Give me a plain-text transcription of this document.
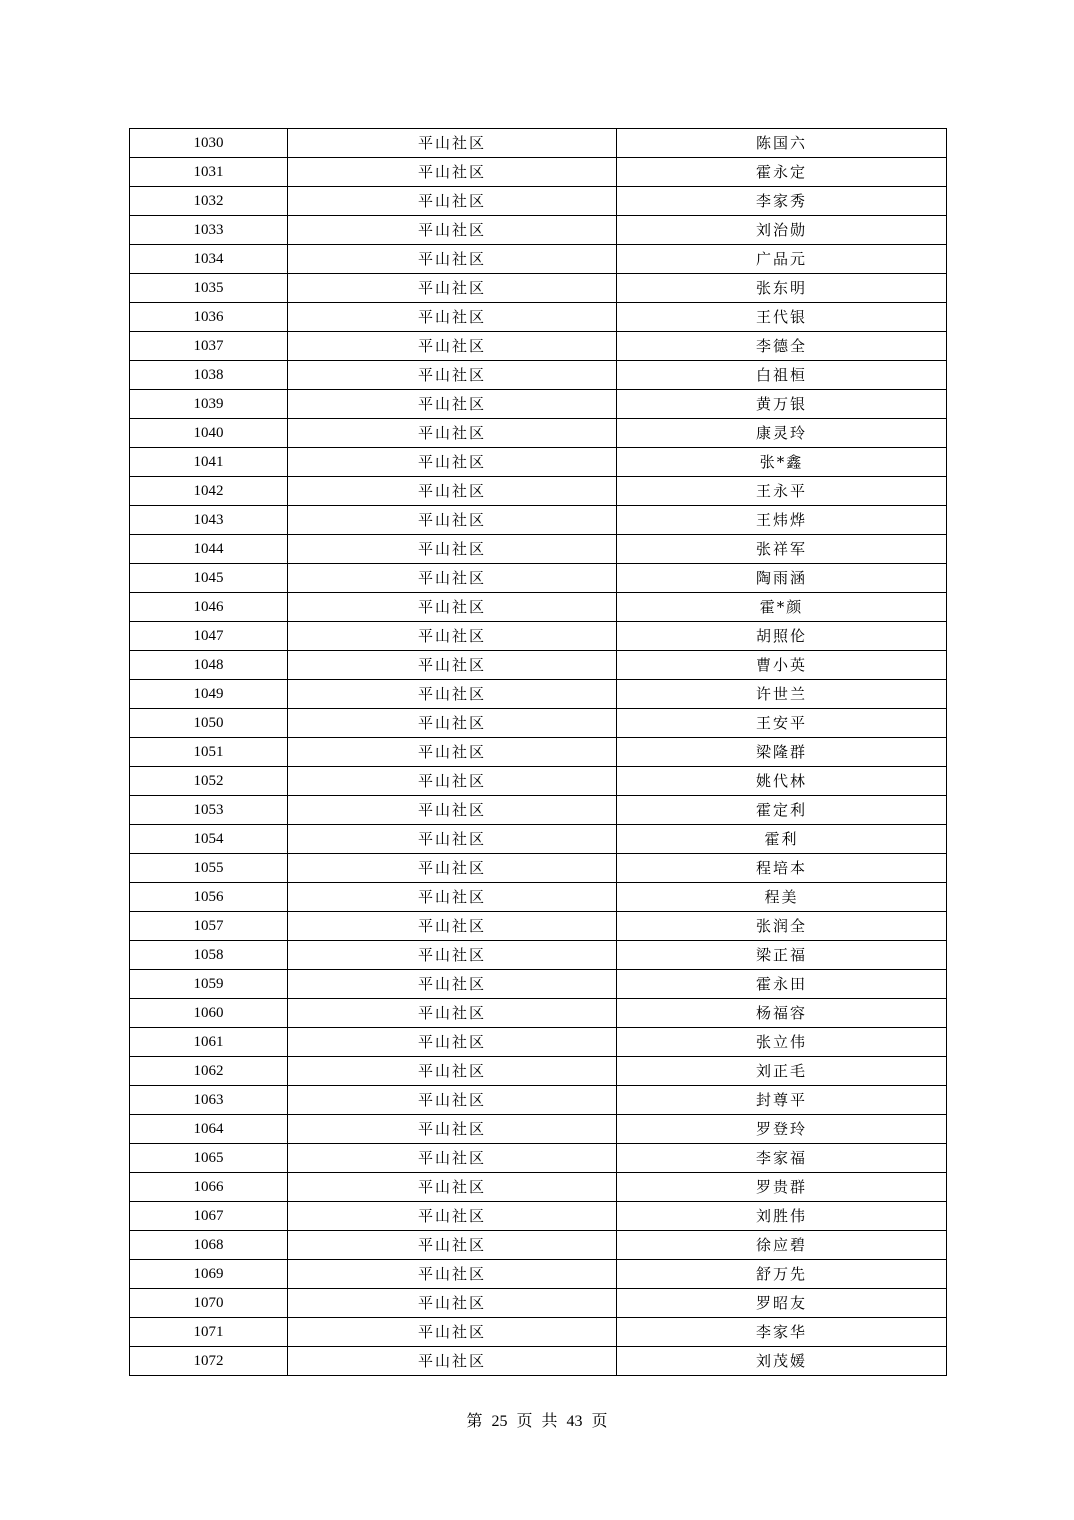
1030	平山社区	陈国六
1031	平山社区	霍永定
1032	平山社区	李家秀
1033	平山社区	刘治勋
1034	平山社区	广品元
1035	平山社区	张东明
1036	平山社区	王代银
1037	平山社区	李德全
1038	平山社区	白祖桓
1039	平山社区	黄万银
1040	平山社区	康灵玲
1041	平山社区	张*鑫
1042	平山社区	王永平
1043	平山社区	王炜烨
1044	平山社区	张祥军
1045	平山社区	陶雨涵
1046	平山社区	霍*颜
1047	平山社区	胡照伦
1048	平山社区	曹小英
1049	平山社区	许世兰
1050	平山社区	王安平
1051	平山社区	梁隆群
1052	平山社区	姚代林
1053	平山社区	霍定利
1054	平山社区	霍利
1055	平山社区	程培本
1056	平山社区	程美
1057	平山社区	张润全
1058	平山社区	梁正福
1059	平山社区	霍永田
1060	平山社区	杨福容
1061	平山社区	张立伟
1062	平山社区	刘正毛
1063	平山社区	封尊平
1064	平山社区	罗登玲
1065	平山社区	李家福
1066	平山社区	罗贵群
1067	平山社区	刘胜伟
1068	平山社区	徐应碧
1069	平山社区	舒万先
1070	平山社区	罗昭友
1071	平山社区	李家华
1072	平山社区	刘茂媛
第 25 页 共 43 页
